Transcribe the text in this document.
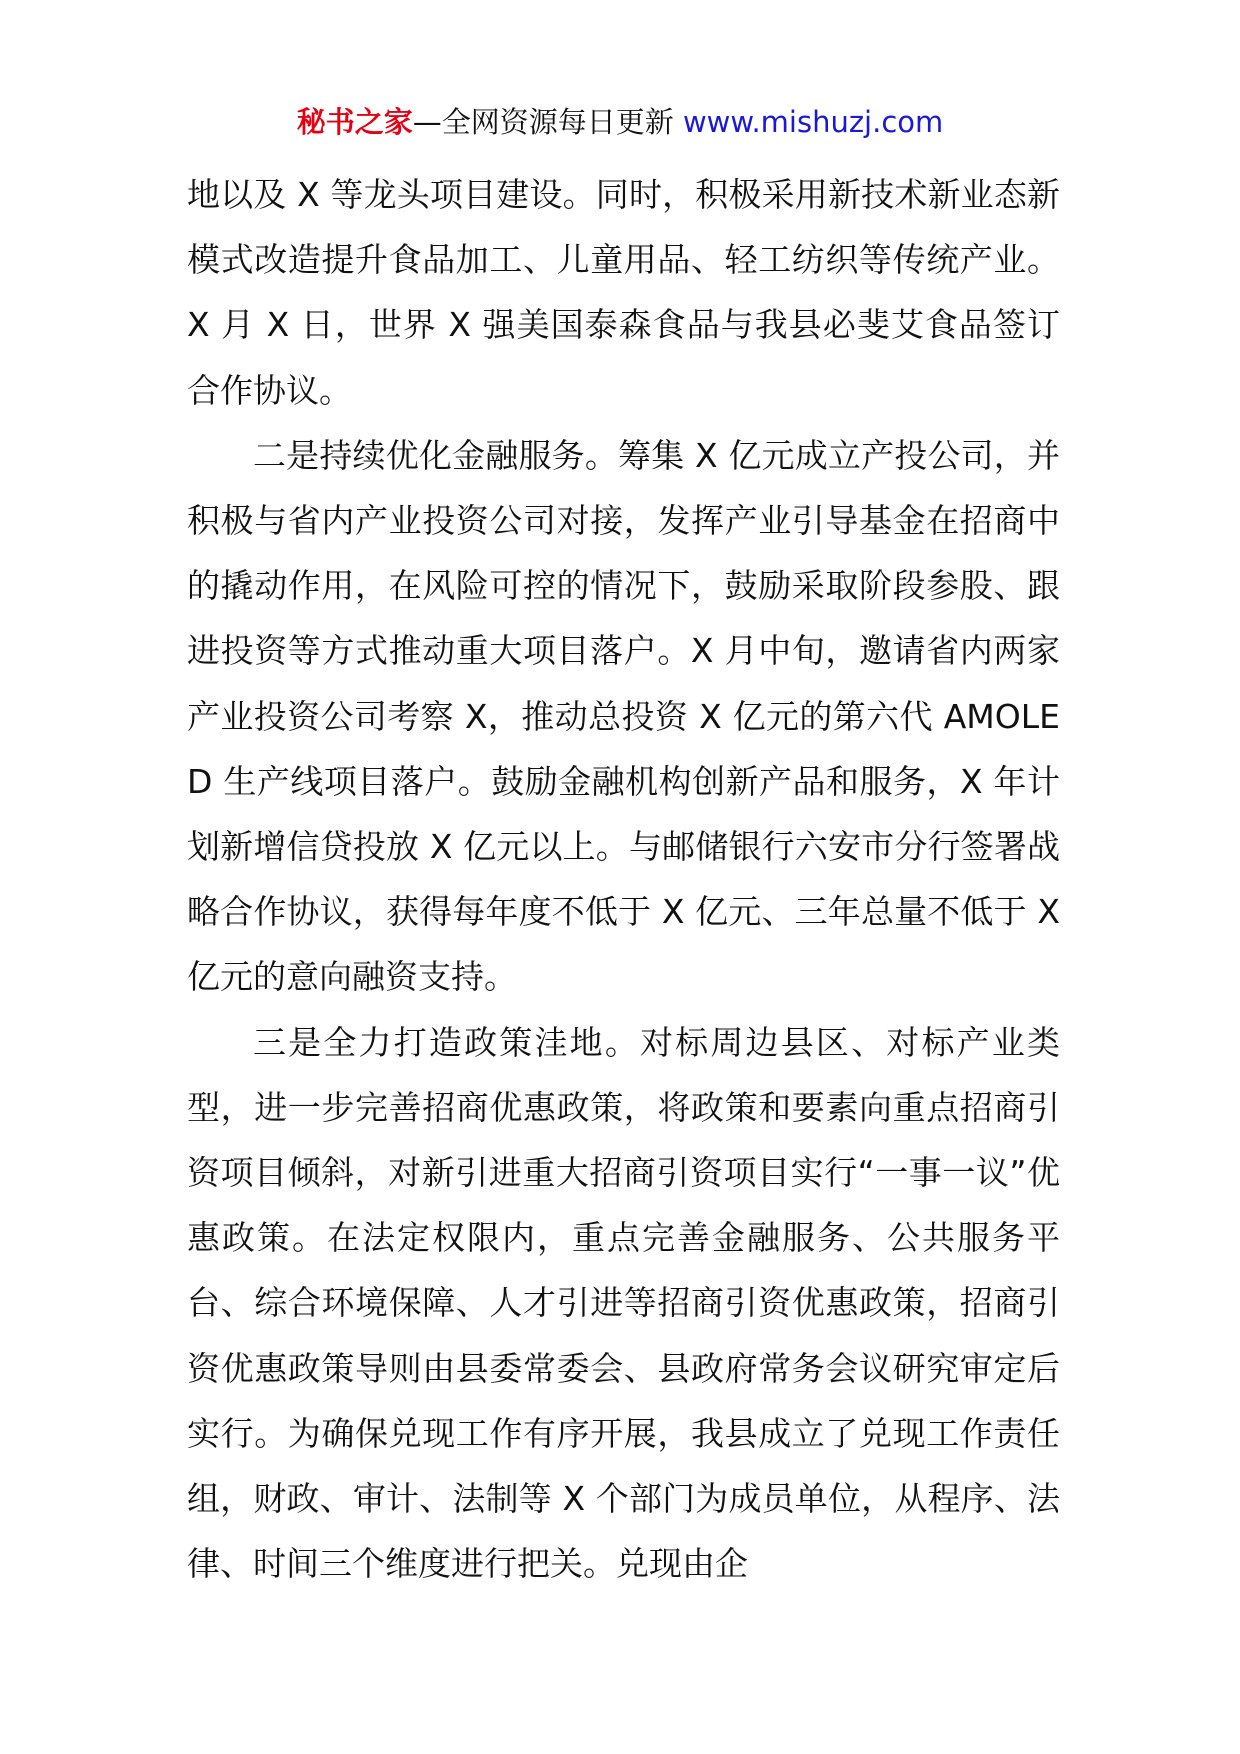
秘书之家—全网资源每日更新 www.mishuzj.com

地以及 X 等龙头项目建设。同时，积极采用新技术新业态新模式改造提升食品加工、儿童用品、轻工纺织等传统产业。X 月 X 日，世界 X 强美国泰森食品与我县必斐艾食品签订合作协议。

二是持续优化金融服务。筹集 X 亿元成立产投公司，并积极与省内产业投资公司对接，发挥产业引导基金在招商中的撬动作用，在风险可控的情况下，鼓励采取阶段参股、跟进投资等方式推动重大项目落户。X 月中旬，邀请省内两家产业投资公司考察 X，推动总投资 X 亿元的第六代 AMOLED 生产线项目落户。鼓励金融机构创新产品和服务，X 年计划新增信贷投放 X 亿元以上。与邮储银行六安市分行签署战略合作协议，获得每年度不低于 X 亿元、三年总量不低于 X 亿元的意向融资支持。

三是全力打造政策洼地。对标周边县区、对标产业类型，进一步完善招商优惠政策，将政策和要素向重点招商引资项目倾斜，对新引进重大招商引资项目实行“一事一议”优惠政策。在法定权限内，重点完善金融服务、公共服务平台、综合环境保障、人才引进等招商引资优惠政策，招商引资优惠政策导则由县委常委会、县政府常务会议研究审定后实行。为确保兑现工作有序开展，我县成立了兑现工作责任组，财政、审计、法制等 X 个部门为成员单位，从程序、法律、时间三个维度进行把关。兑现由企
